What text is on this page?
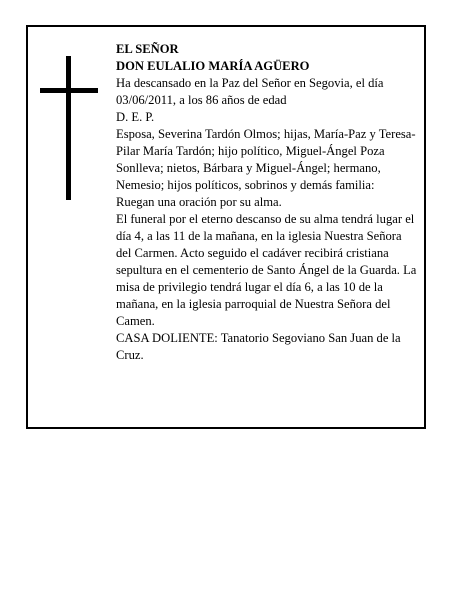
EL SEÑOR

DON EULALIO MARÍA AGÜERO

Ha descansado en la Paz del Señor en Segovia, el día 03/06/2011, a los 86 años de edad

D. E. P.

Esposa, Severina Tardón Olmos; hijas, María-Paz y Teresa-Pilar María Tardón; hijo político, Miguel-Ángel Poza Sonlleva; nietos, Bárbara y Miguel-Ángel; hermano, Nemesio; hijos políticos, sobrinos y demás familia:

Ruegan una oración por su alma.

El funeral por el eterno descanso de su alma tendrá lugar el día 4, a las 11 de la mañana, en la iglesia Nuestra Señora del Carmen. Acto seguido el cadáver recibirá cristiana sepultura en el cementerio de Santo Ángel de la Guarda. La misa de privilegio tendrá lugar el día 6, a las 10 de la mañana, en la iglesia parroquial de Nuestra Señora del Camen.

CASA DOLIENTE: Tanatorio Segoviano San Juan de la Cruz.
